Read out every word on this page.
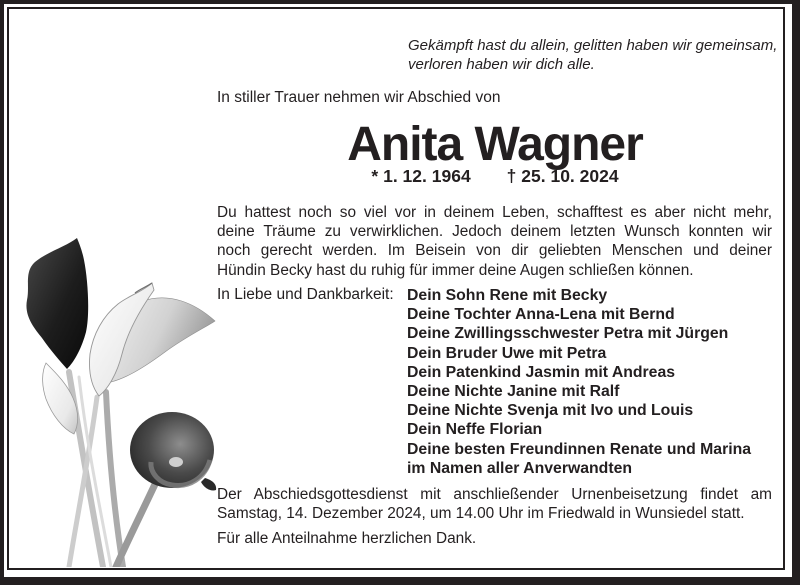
Gekämpft hast du allein, gelitten haben wir gemeinsam,
verloren haben wir dich alle.
In stiller Trauer nehmen wir Abschied von
Anita Wagner
* 1. 12. 1964 † 25. 10. 2024
Du hattest noch so viel vor in deinem Leben, schafftest es aber nicht mehr,
deine Träume zu verwirklichen. Jedoch deinem letzten Wunsch konnten wir
noch gerecht werden. Im Beisein von dir geliebten Menschen und deiner
Hündin Becky hast du ruhig für immer deine Augen schließen können.
In Liebe und Dankbarkeit: Dein Sohn Rene mit Becky
Deine Tochter Anna-Lena mit Bernd
Deine Zwillingsschwester Petra mit Jürgen
Dein Bruder Uwe mit Petra
Dein Patenkind Jasmin mit Andreas
Deine Nichte Janine mit Ralf
Deine Nichte Svenja mit Ivo und Louis
Dein Neffe Florian
Deine besten Freundinnen Renate und Marina
im Namen aller Anverwandten
Der Abschiedsgottesdienst mit anschließender Urnenbeisetzung findet am
Samstag, 14. Dezember 2024, um 14.00 Uhr im Friedwald in Wunsiedel statt.
Für alle Anteilnahme herzlichen Dank.
